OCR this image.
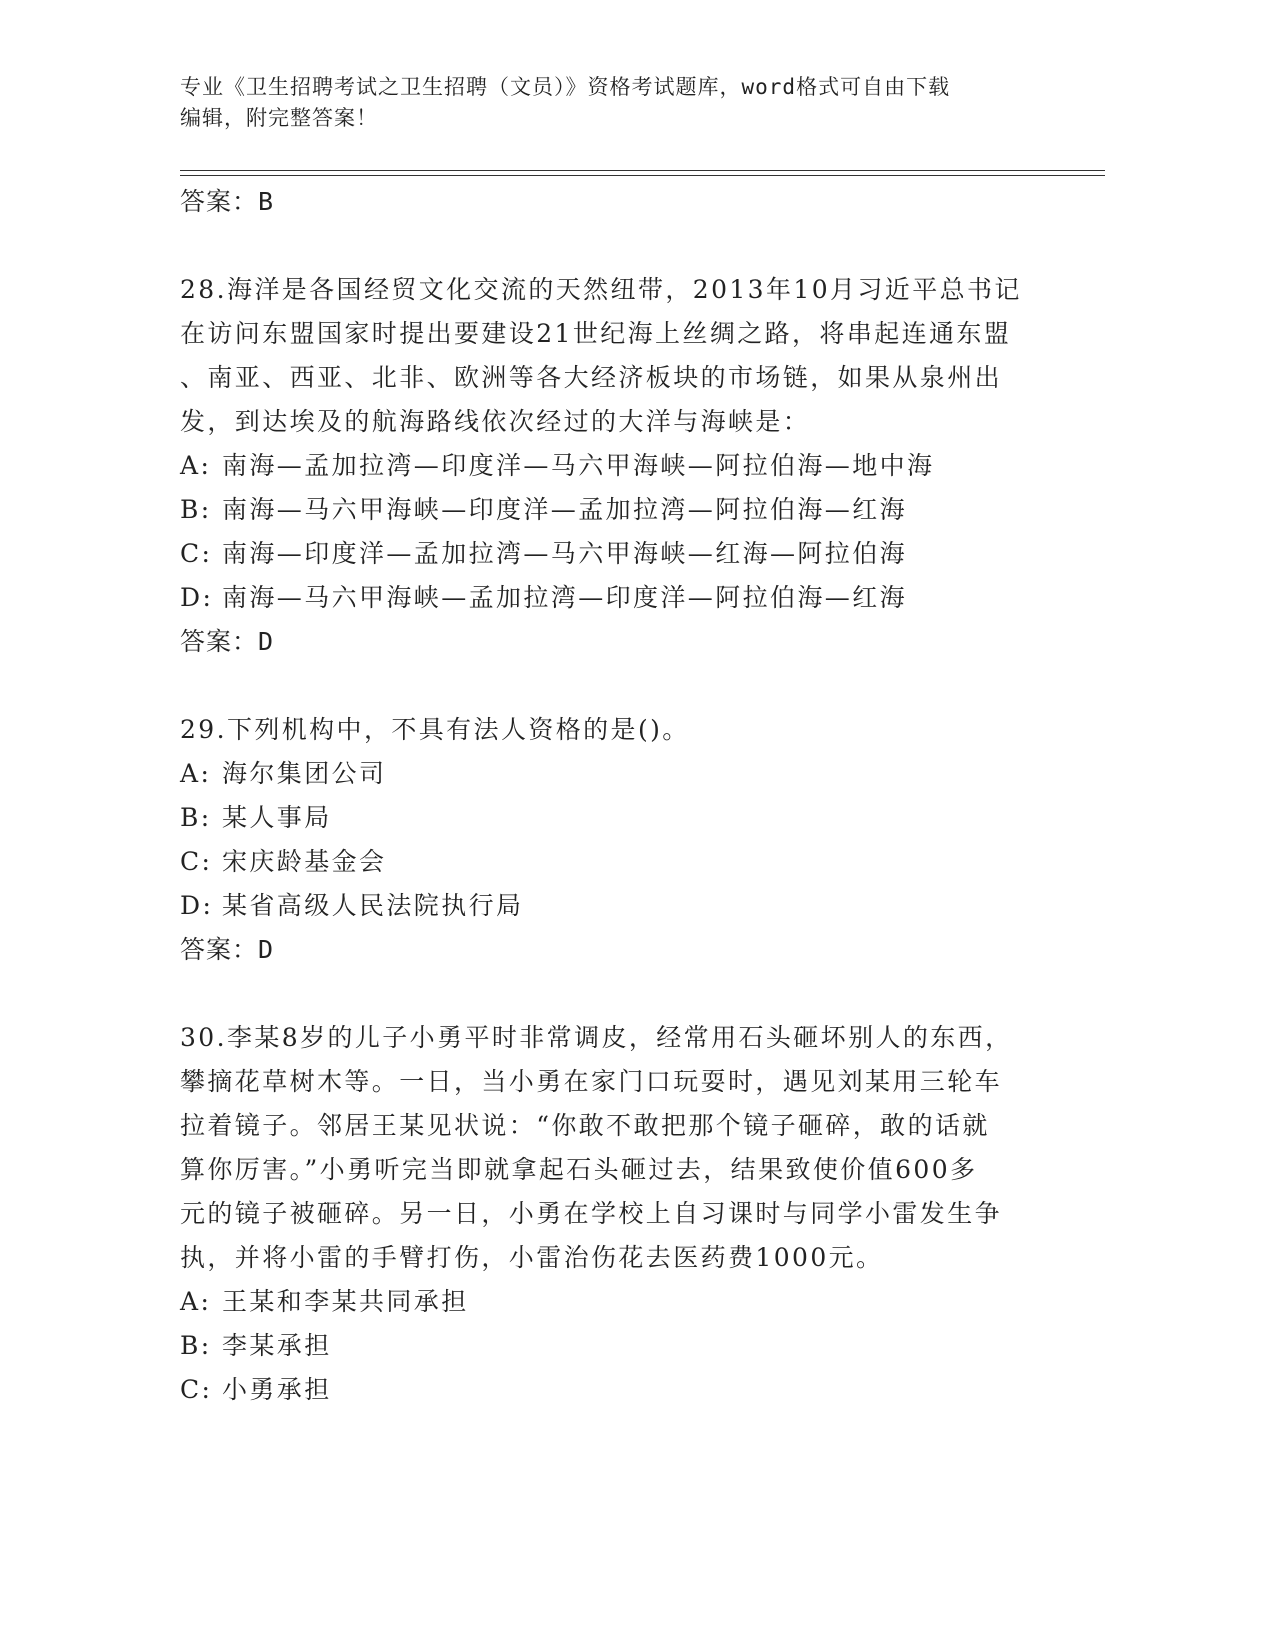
专业《卫生招聘考试之卫生招聘（文员）》资格考试题库，word格式可自由下载
编辑，附完整答案！
答案：B
28.海洋是各国经贸文化交流的天然纽带，2013年10月习近平总书记
在访问东盟国家时提出要建设21世纪海上丝绸之路，将串起连通东盟
、南亚、西亚、北非、欧洲等各大经济板块的市场链，如果从泉州出
发，到达埃及的航海路线依次经过的大洋与海峡是：
A: 南海—孟加拉湾—印度洋—马六甲海峡—阿拉伯海—地中海
B: 南海—马六甲海峡—印度洋—孟加拉湾—阿拉伯海—红海
C: 南海—印度洋—孟加拉湾—马六甲海峡—红海—阿拉伯海
D: 南海—马六甲海峡—孟加拉湾—印度洋—阿拉伯海—红海
答案：D
29.下列机构中，不具有法人资格的是()。
A: 海尔集团公司
B: 某人事局
C: 宋庆龄基金会
D: 某省高级人民法院执行局
答案：D
30.李某8岁的儿子小勇平时非常调皮，经常用石头砸坏别人的东西，
攀摘花草树木等。一日，当小勇在家门口玩耍时，遇见刘某用三轮车
拉着镜子。邻居王某见状说：“你敢不敢把那个镜子砸碎，敢的话就
算你厉害。”小勇听完当即就拿起石头砸过去，结果致使价值600多
元的镜子被砸碎。另一日，小勇在学校上自习课时与同学小雷发生争
执，并将小雷的手臂打伤，小雷治伤花去医药费1000元。
A: 王某和李某共同承担
B: 李某承担
C: 小勇承担
